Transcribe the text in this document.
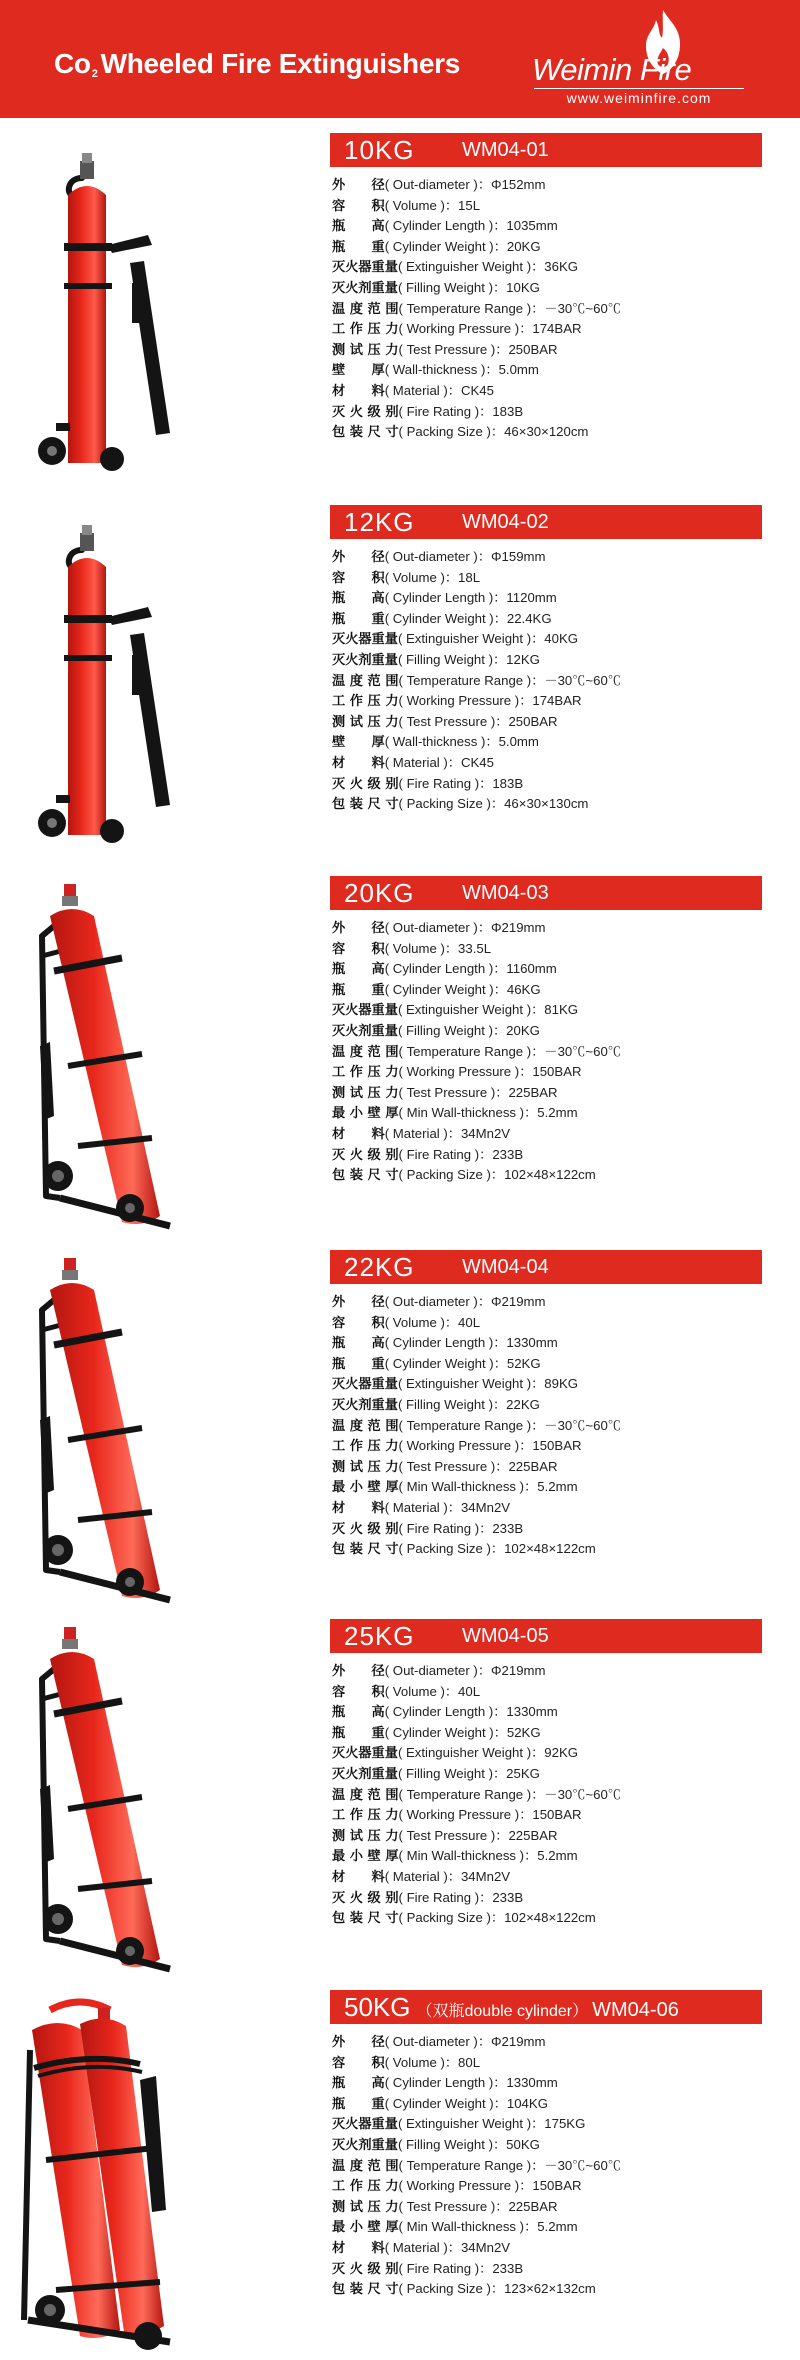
$Co_2$ Wheeled Fire Extinguishers Weimin Fire
www.weiminfire.com
10KG WM04-01
外　　径( Out-diameter )：Φ152mm
容　　积( Volume )：15L
瓶　　高( Cylinder Length )：1035mm
瓶　　重( Cylinder Weight )：20KG
灭火器重量( Extinguisher Weight )：36KG
灭火剂重量( Filling Weight )：10KG
温 度 范 围( Temperature Range )：－30℃~60℃
工 作 压 力( Working Pressure )：174BAR
测 试 压 力( Test Pressure )：250BAR
壁　　厚( Wall-thickness )：5.0mm
材　　料( Material )：CK45
灭 火 级 别( Fire Rating )：183B
包 装 尺 寸( Packing Size )：46×30×120cm
12KG WM04-02
外　　径( Out-diameter )：Φ159mm
容　　积( Volume )：18L
瓶　　高( Cylinder Length )：1120mm
瓶　　重( Cylinder Weight )：22.4KG
灭火器重量( Extinguisher Weight )：40KG
灭火剂重量( Filling Weight )：12KG
温 度 范 围( Temperature Range )：－30℃~60℃
工 作 压 力( Working Pressure )：174BAR
测 试 压 力( Test Pressure )：250BAR
壁　　厚( Wall-thickness )：5.0mm
材　　料( Material )：CK45
灭 火 级 别( Fire Rating )：183B
包 装 尺 寸( Packing Size )：46×30×130cm
20KG WM04-03
外　　径( Out-diameter )：Φ219mm
容　　积( Volume )：33.5L
瓶　　高( Cylinder Length )：1160mm
瓶　　重( Cylinder Weight )：46KG
灭火器重量( Extinguisher Weight )：81KG
灭火剂重量( Filling Weight )：20KG
温 度 范 围( Temperature Range )：－30℃~60℃
工 作 压 力( Working Pressure )：150BAR
测 试 压 力( Test Pressure )：225BAR
最 小 壁 厚( Min Wall-thickness )：5.2mm
材　　料( Material )：34Mn2V
灭 火 级 别( Fire Rating )：233B
包 装 尺 寸( Packing Size )：102×48×122cm
22KG WM04-04
外　　径( Out-diameter )：Φ219mm
容　　积( Volume )：40L
瓶　　高( Cylinder Length )：1330mm
瓶　　重( Cylinder Weight )：52KG
灭火器重量( Extinguisher Weight )：89KG
灭火剂重量( Filling Weight )：22KG
温 度 范 围( Temperature Range )：－30℃~60℃
工 作 压 力( Working Pressure )：150BAR
测 试 压 力( Test Pressure )：225BAR
最 小 壁 厚( Min Wall-thickness )：5.2mm
材　　料( Material )：34Mn2V
灭 火 级 别( Fire Rating )：233B
包 装 尺 寸( Packing Size )：102×48×122cm
25KG WM04-05
外　　径( Out-diameter )：Φ219mm
容　　积( Volume )：40L
瓶　　高( Cylinder Length )：1330mm
瓶　　重( Cylinder Weight )：52KG
灭火器重量( Extinguisher Weight )：92KG
灭火剂重量( Filling Weight )：25KG
温 度 范 围( Temperature Range )：－30℃~60℃
工 作 压 力( Working Pressure )：150BAR
测 试 压 力( Test Pressure )：225BAR
最 小 壁 厚( Min Wall-thickness )：5.2mm
材　　料( Material )：34Mn2V
灭 火 级 别( Fire Rating )：233B
包 装 尺 寸( Packing Size )：102×48×122cm
50KG （双瓶double cylinder） WM04-06
外　　径( Out-diameter )：Φ219mm
容　　积( Volume )：80L
瓶　　高( Cylinder Length )：1330mm
瓶　　重( Cylinder Weight )：104KG
灭火器重量( Extinguisher Weight )：175KG
灭火剂重量( Filling Weight )：50KG
温 度 范 围( Temperature Range )：－30℃~60℃
工 作 压 力( Working Pressure )：150BAR
测 试 压 力( Test Pressure )：225BAR
最 小 壁 厚( Min Wall-thickness )：5.2mm
材　　料( Material )：34Mn2V
灭 火 级 别( Fire Rating )：233B
包 装 尺 寸( Packing Size )：123×62×132cm
